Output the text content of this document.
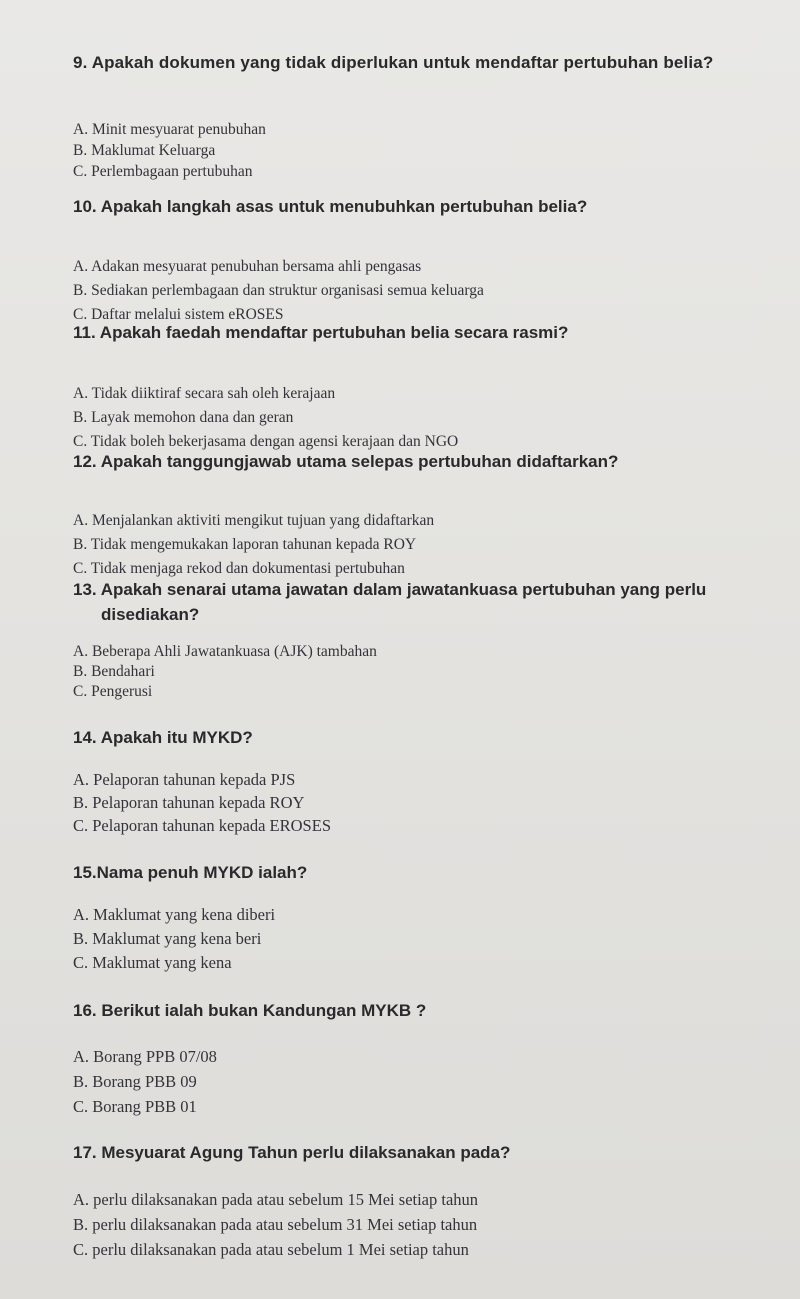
9. Apakah dokumen yang tidak diperlukan untuk mendaftar pertubuhan belia?

A. Minit mesyuarat penubuhan
B. Maklumat Keluarga
C. Perlembagaan pertubuhan

10. Apakah langkah asas untuk menubuhkan pertubuhan belia?

A. Adakan mesyuarat penubuhan bersama ahli pengasas
B. Sediakan perlembagaan dan struktur organisasi semua keluarga
C. Daftar melalui sistem eROSES

11. Apakah faedah mendaftar pertubuhan belia secara rasmi?

A. Tidak diiktiraf secara sah oleh kerajaan
B. Layak memohon dana dan geran
C. Tidak boleh bekerjasama dengan agensi kerajaan dan NGO

12. Apakah tanggungjawab utama selepas pertubuhan didaftarkan?

A. Menjalankan aktiviti mengikut tujuan yang didaftarkan
B. Tidak mengemukakan laporan tahunan kepada ROY
C. Tidak menjaga rekod dan dokumentasi pertubuhan

13. Apakah senarai utama jawatan dalam jawatankuasa pertubuhan yang perlu disediakan?

A. Beberapa Ahli Jawatankuasa (AJK) tambahan
B. Bendahari
C. Pengerusi

14. Apakah itu MYKD?

A. Pelaporan tahunan kepada PJS
B. Pelaporan tahunan kepada ROY
C. Pelaporan tahunan kepada EROSES

15.Nama penuh MYKD ialah?

A. Maklumat yang kena diberi
B. Maklumat yang kena beri
C. Maklumat yang kena

16. Berikut ialah bukan Kandungan MYKB ?

A. Borang PPB 07/08
B. Borang PBB 09
C. Borang PBB 01

17. Mesyuarat Agung Tahun perlu dilaksanakan pada?

A. perlu dilaksanakan pada atau sebelum 15 Mei setiap tahun
B. perlu dilaksanakan pada atau sebelum 31 Mei setiap tahun
C. perlu dilaksanakan pada atau sebelum 1 Mei setiap tahun
